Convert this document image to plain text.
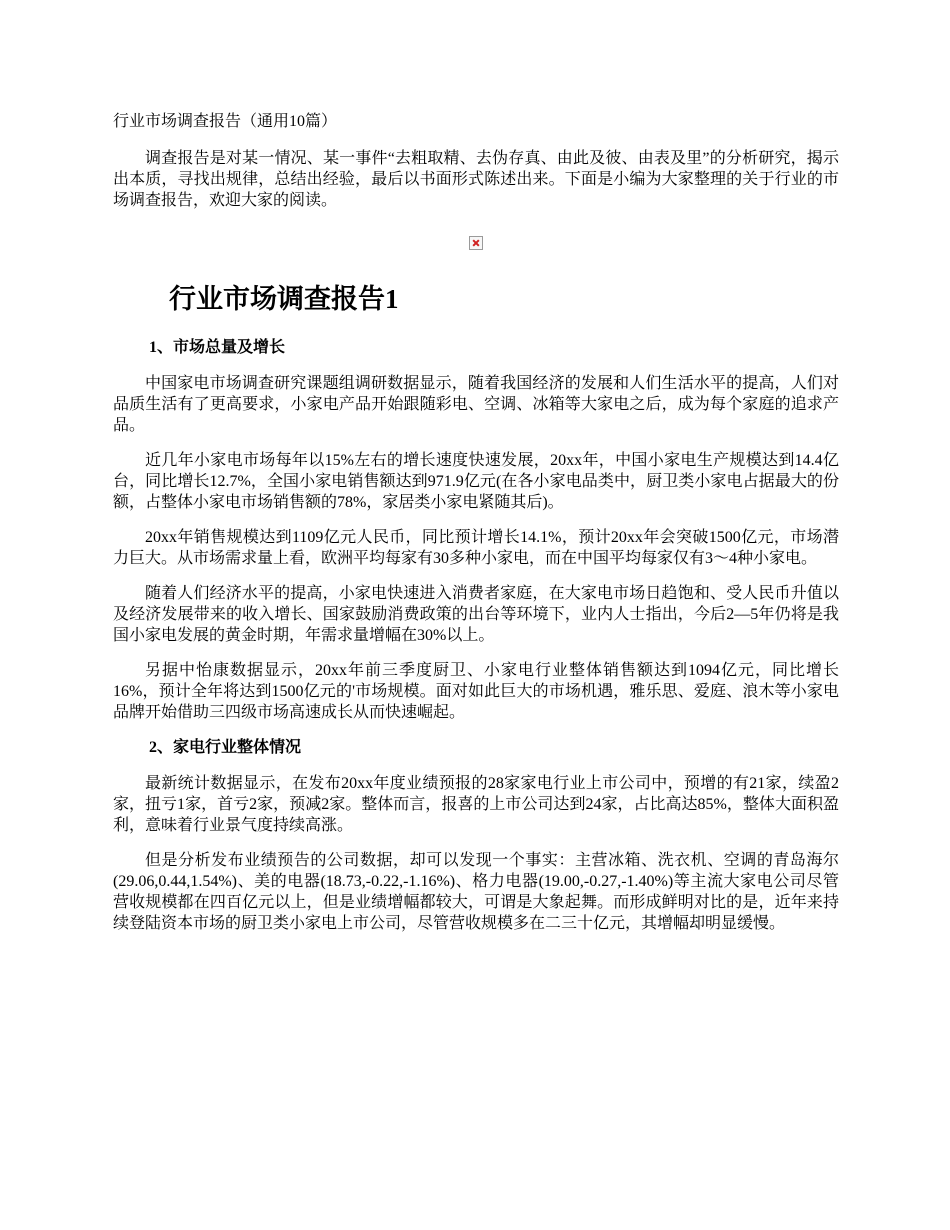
行业市场调查报告（通用10篇）

调查报告是对某一情况、某一事件“去粗取精、去伪存真、由此及彼、由表及里”的分析研究，揭示出本质，寻找出规律，总结出经验，最后以书面形式陈述出来。下面是小编为大家整理的关于行业的市场调查报告，欢迎大家的阅读。

行业市场调查报告1
1、市场总量及增长

中国家电市场调查研究课题组调研数据显示，随着我国经济的发展和人们生活水平的提高，人们对品质生活有了更高要求，小家电产品开始跟随彩电、空调、冰箱等大家电之后，成为每个家庭的追求产品。

近几年小家电市场每年以15%左右的增长速度快速发展，20xx年，中国小家电生产规模达到14.4亿台，同比增长12.7%，全国小家电销售额达到971.9亿元(在各小家电品类中，厨卫类小家电占据最大的份额，占整体小家电市场销售额的78%，家居类小家电紧随其后)。

20xx年销售规模达到1109亿元人民币，同比预计增长14.1%，预计20xx年会突破1500亿元，市场潜力巨大。从市场需求量上看，欧洲平均每家有30多种小家电，而在中国平均每家仅有3～4种小家电。

随着人们经济水平的提高，小家电快速进入消费者家庭，在大家电市场日趋饱和、受人民币升值以及经济发展带来的收入增长、国家鼓励消费政策的出台等环境下，业内人士指出，今后2—5年仍将是我国小家电发展的黄金时期，年需求量增幅在30%以上。

另据中怡康数据显示，20xx年前三季度厨卫、小家电行业整体销售额达到1094亿元，同比增长16%，预计全年将达到1500亿元的'市场规模。面对如此巨大的市场机遇，雅乐思、爱庭、浪木等小家电品牌开始借助三四级市场高速成长从而快速崛起。

2、家电行业整体情况

最新统计数据显示，在发布20xx年度业绩预报的28家家电行业上市公司中，预增的有21家，续盈2家，扭亏1家，首亏2家，预减2家。整体而言，报喜的上市公司达到24家，占比高达85%，整体大面积盈利，意味着行业景气度持续高涨。

但是分析发布业绩预告的公司数据，却可以发现一个事实：主营冰箱、洗衣机、空调的青岛海尔(29.06,0.44,1.54%)、美的电器(18.73,-0.22,-1.16%)、格力电器(19.00,-0.27,-1.40%)等主流大家电公司尽管营收规模都在四百亿元以上，但是业绩增幅都较大，可谓是大象起舞。而形成鲜明对比的是，近年来持续登陆资本市场的厨卫类小家电上市公司，尽管营收规模多在二三十亿元，其增幅却明显缓慢。
